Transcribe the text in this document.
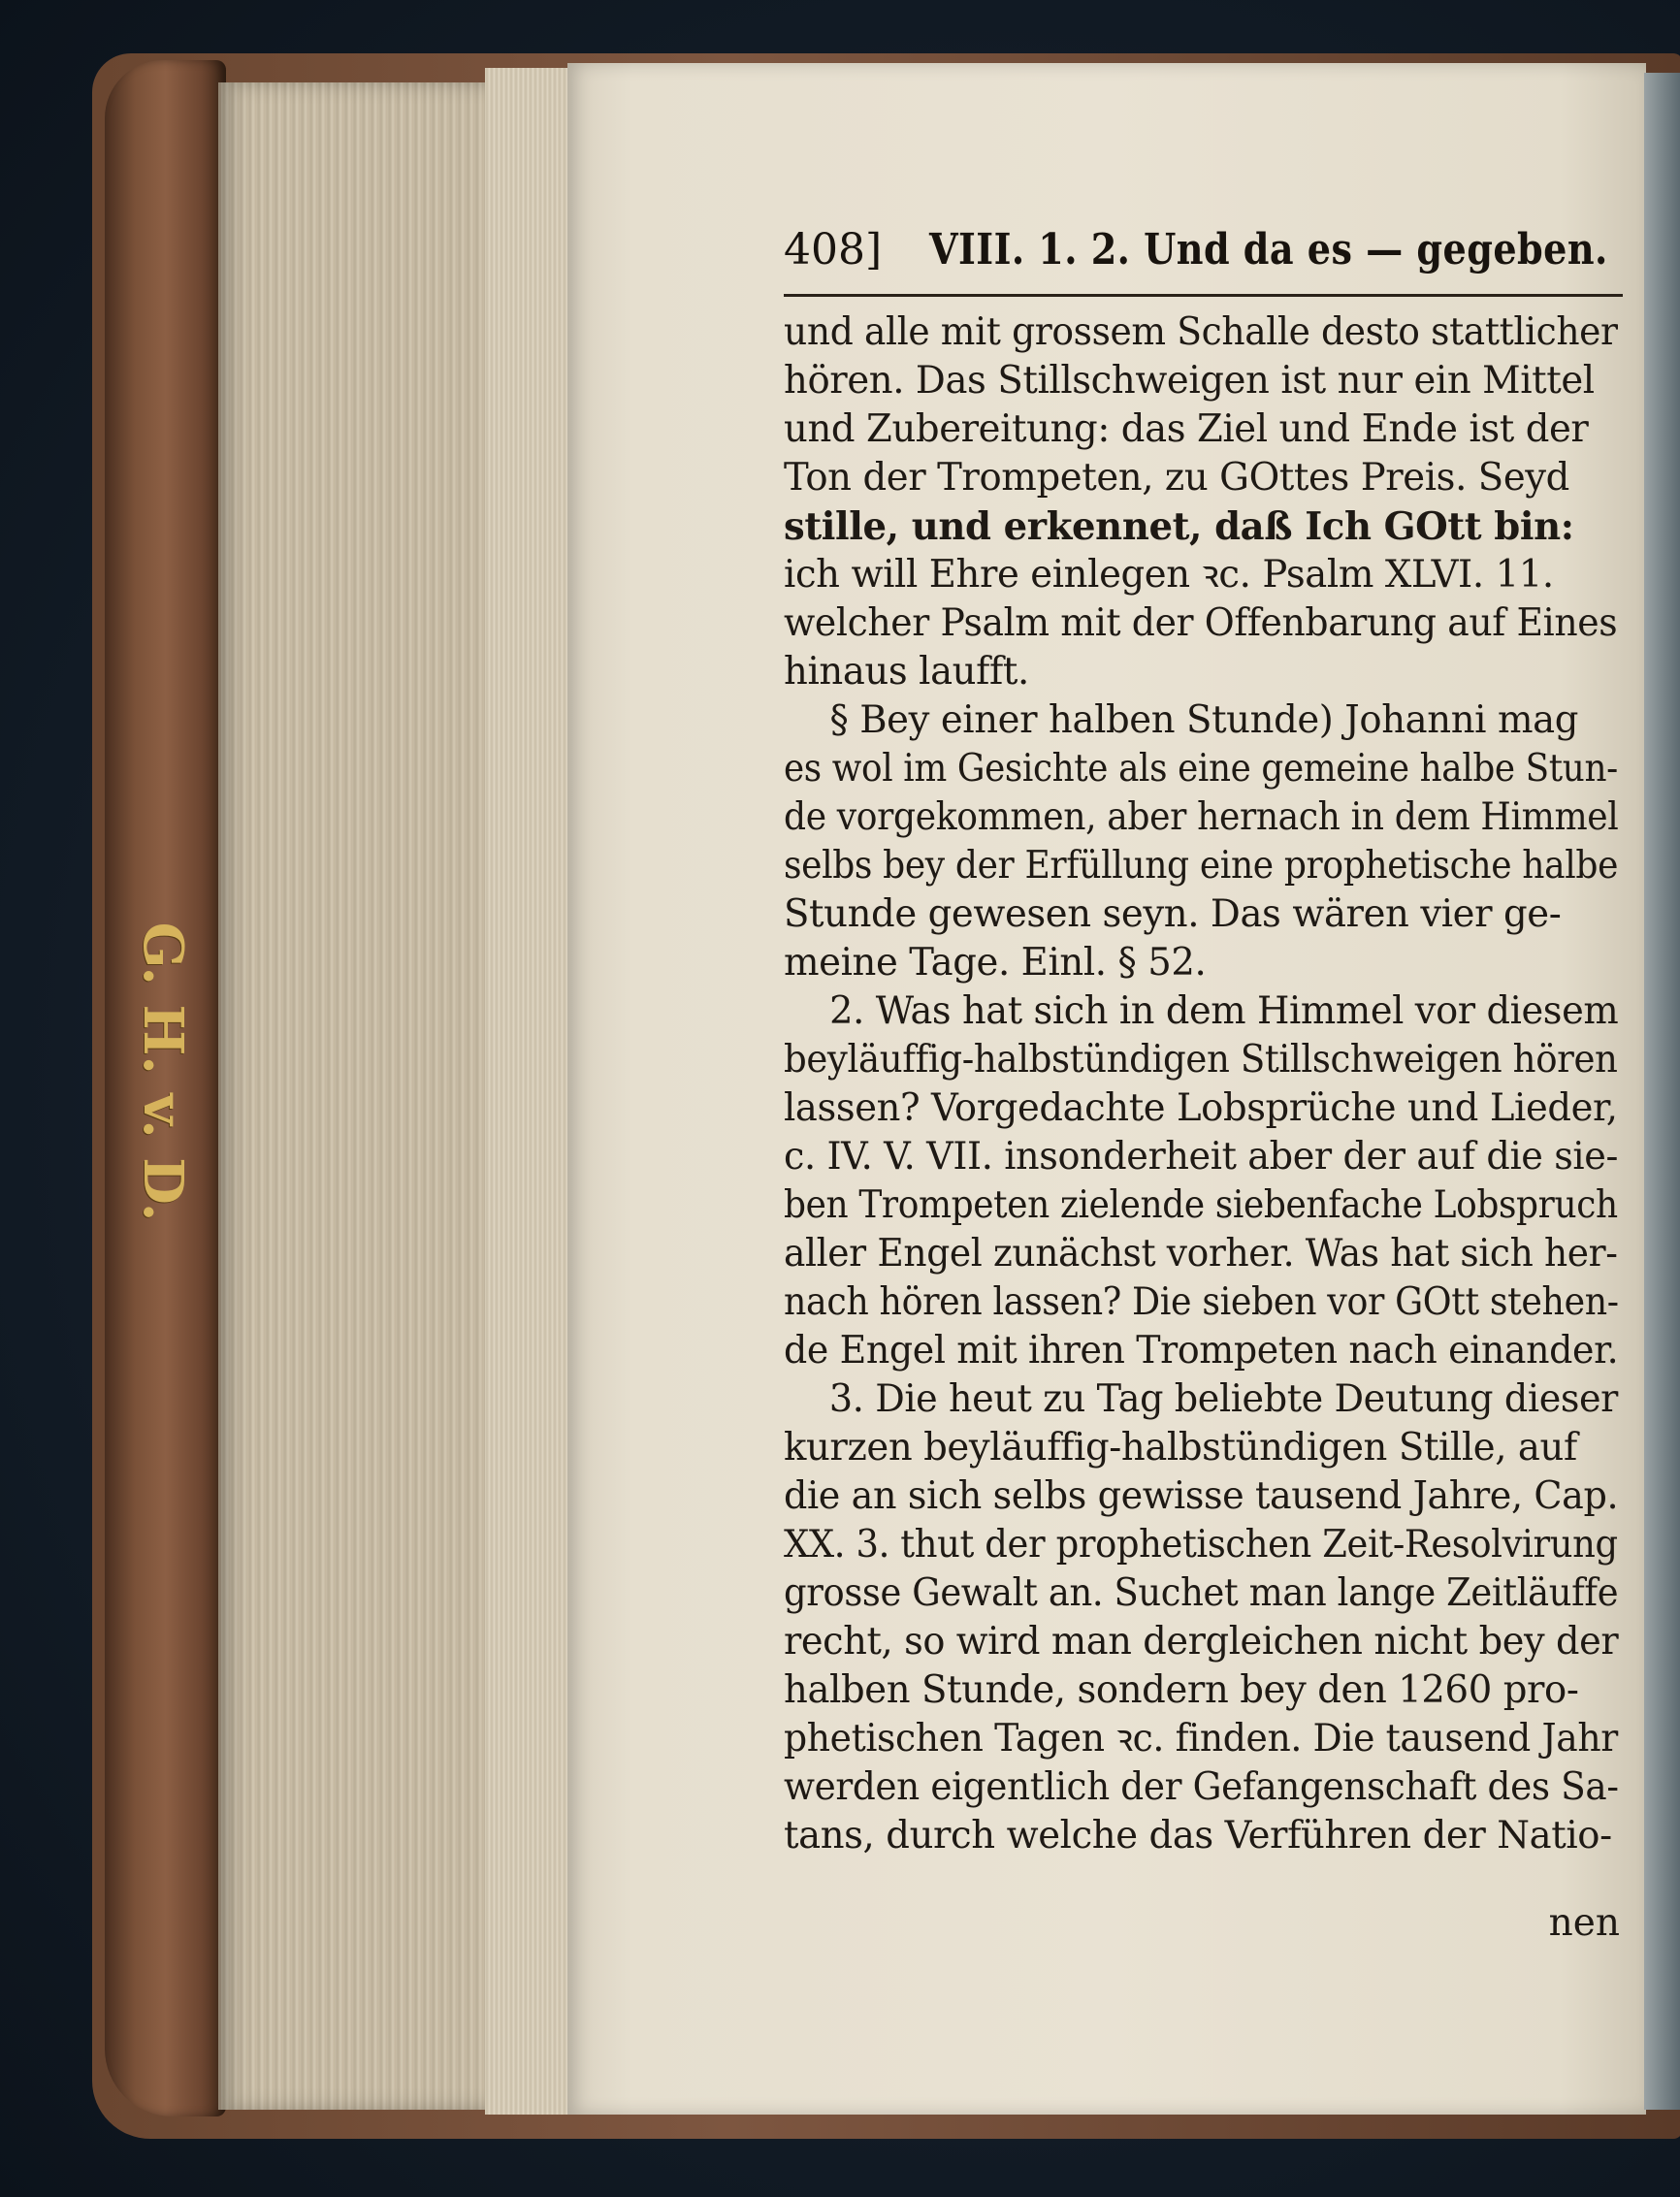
G. H. v. D.
408] VIII. 1. 2. Und da es — gegeben.
und alle mit grossem Schalle desto stattlicher
hören. Das Stillschweigen ist nur ein Mittel
und Zubereitung: das Ziel und Ende ist der
Ton der Trompeten, zu GOttes Preis. Seyd
stille, und erkennet, daß Ich GOtt bin:
ich will Ehre einlegen ꝛc. Psalm XLVI. 11.
welcher Psalm mit der Offenbarung auf Eines
hinaus laufft.
§ Bey einer halben Stunde) Johanni mag
es wol im Gesichte als eine gemeine halbe Stun-
de vorgekommen, aber hernach in dem Himmel
selbs bey der Erfüllung eine prophetische halbe
Stunde gewesen seyn. Das wären vier ge-
meine Tage. Einl. § 52.
2. Was hat sich in dem Himmel vor diesem
beyläuffig-halbstündigen Stillschweigen hören
lassen? Vorgedachte Lobsprüche und Lieder,
c. IV. V. VII. insonderheit aber der auf die sie-
ben Trompeten zielende siebenfache Lobspruch
aller Engel zunächst vorher. Was hat sich her-
nach hören lassen? Die sieben vor GOtt stehen-
de Engel mit ihren Trompeten nach einander.
3. Die heut zu Tag beliebte Deutung dieser
kurzen beyläuffig-halbstündigen Stille, auf
die an sich selbs gewisse tausend Jahre, Cap.
XX. 3. thut der prophetischen Zeit-Resolvirung
grosse Gewalt an. Suchet man lange Zeitläuffe
recht, so wird man dergleichen nicht bey der
halben Stunde, sondern bey den 1260 pro-
phetischen Tagen ꝛc. finden. Die tausend Jahr
werden eigentlich der Gefangenschaft des Sa-
tans, durch welche das Verführen der Natio-
nen
